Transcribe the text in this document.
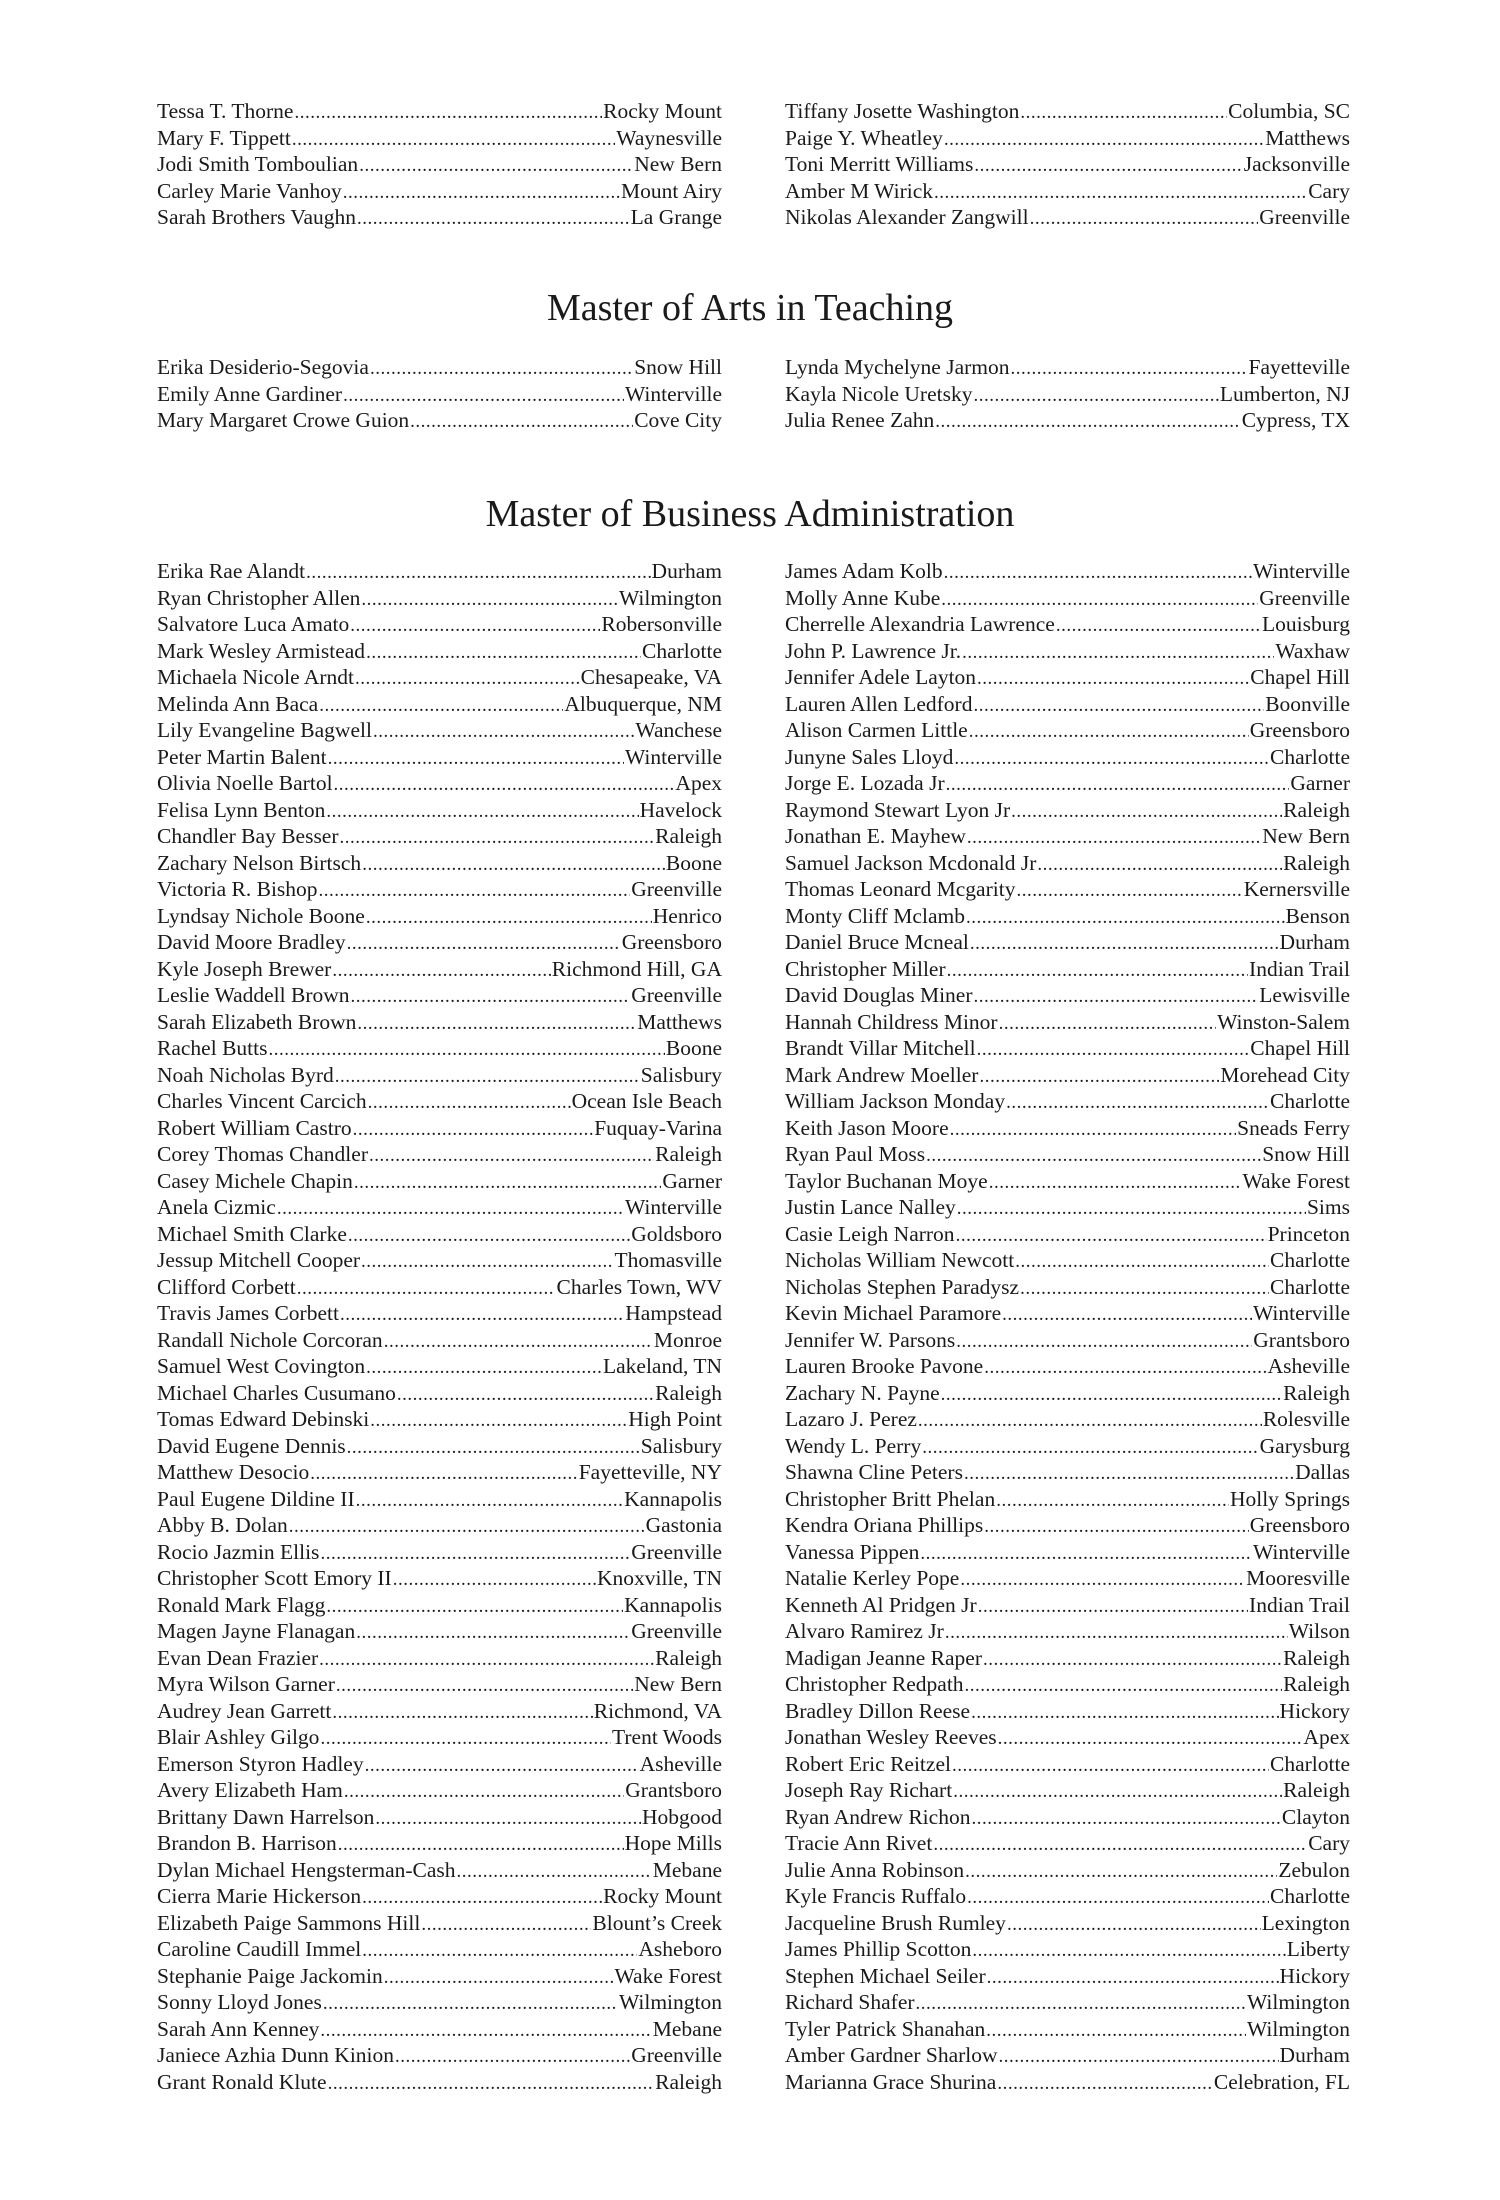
Tessa T. Thorne .....	Rocky Mount
Mary F. Tippett .....	Waynesville
Jodi Smith Tomboulian .....	New Bern
Carley Marie Vanhoy .....	Mount Airy
Sarah Brothers Vaughn .....	La Grange
Tiffany Josette Washington .....	Columbia, SC
Paige Y. Wheatley .....	Matthews
Toni Merritt Williams .....	Jacksonville
Amber M Wirick .....	Cary
Nikolas Alexander Zangwill .....	Greenville
Master of Arts in Teaching
Erika Desiderio-Segovia .....	Snow Hill
Emily Anne Gardiner .....	Winterville
Mary Margaret Crowe Guion .....	Cove City
Lynda Mychelyne Jarmon .....	Fayetteville
Kayla Nicole Uretsky .....	Lumberton, NJ
Julia Renee Zahn .....	Cypress, TX
Master of Business Administration
Erika Rae Alandt .....	Durham
Ryan Christopher Allen .....	Wilmington
Salvatore Luca Amato .....	Robersonville
Mark Wesley Armistead .....	Charlotte
Michaela Nicole Arndt .....	Chesapeake, VA
Melinda Ann Baca .....	Albuquerque, NM
Lily Evangeline Bagwell .....	Wanchese
Peter Martin Balent .....	Winterville
Olivia Noelle Bartol .....	Apex
Felisa Lynn Benton .....	Havelock
Chandler Bay Besser .....	Raleigh
Zachary Nelson Birtsch .....	Boone
Victoria R. Bishop .....	Greenville
Lyndsay Nichole Boone .....	Henrico
David Moore Bradley .....	Greensboro
Kyle Joseph Brewer .....	Richmond Hill, GA
Leslie Waddell Brown .....	Greenville
Sarah Elizabeth Brown .....	Matthews
Rachel Butts .....	Boone
Noah Nicholas Byrd .....	Salisbury
Charles Vincent Carcich .....	Ocean Isle Beach
Robert William Castro .....	Fuquay-Varina
Corey Thomas Chandler .....	Raleigh
Casey Michele Chapin .....	Garner
Anela Cizmic .....	Winterville
Michael Smith Clarke .....	Goldsboro
Jessup Mitchell Cooper .....	Thomasville
Clifford Corbett .....	Charles Town, WV
Travis James Corbett .....	Hampstead
Randall Nichole Corcoran .....	Monroe
Samuel West Covington .....	Lakeland, TN
Michael Charles Cusumano .....	Raleigh
Tomas Edward Debinski .....	High Point
David Eugene Dennis .....	Salisbury
Matthew Desocio .....	Fayetteville, NY
Paul Eugene Dildine II .....	Kannapolis
Abby B. Dolan .....	Gastonia
Rocio Jazmin Ellis .....	Greenville
Christopher Scott Emory II .....	Knoxville, TN
Ronald Mark Flagg .....	Kannapolis
Magen Jayne Flanagan .....	Greenville
Evan Dean Frazier .....	Raleigh
Myra Wilson Garner .....	New Bern
Audrey Jean Garrett .....	Richmond, VA
Blair Ashley Gilgo .....	Trent Woods
Emerson Styron Hadley .....	Asheville
Avery Elizabeth Ham .....	Grantsboro
Brittany Dawn Harrelson .....	Hobgood
Brandon B. Harrison .....	Hope Mills
Dylan Michael Hengsterman-Cash .....	Mebane
Cierra Marie Hickerson .....	Rocky Mount
Elizabeth Paige Sammons Hill .....	Blount’s Creek
Caroline Caudill Immel .....	Asheboro
Stephanie Paige Jackomin .....	Wake Forest
Sonny Lloyd Jones .....	Wilmington
Sarah Ann Kenney .....	Mebane
Janiece Azhia Dunn Kinion .....	Greenville
Grant Ronald Klute .....	Raleigh
James Adam Kolb .....	Winterville
Molly Anne Kube .....	Greenville
Cherrelle Alexandria Lawrence .....	Louisburg
John P. Lawrence Jr. .....	Waxhaw
Jennifer Adele Layton .....	Chapel Hill
Lauren Allen Ledford .....	Boonville
Alison Carmen Little .....	Greensboro
Junyne Sales Lloyd .....	Charlotte
Jorge E. Lozada Jr .....	Garner
Raymond Stewart Lyon Jr .....	Raleigh
Jonathan E. Mayhew .....	New Bern
Samuel Jackson Mcdonald Jr .....	Raleigh
Thomas Leonard Mcgarity .....	Kernersville
Monty Cliff Mclamb .....	Benson
Daniel Bruce Mcneal .....	Durham
Christopher Miller .....	Indian Trail
David Douglas Miner .....	Lewisville
Hannah Childress Minor .....	Winston-Salem
Brandt Villar Mitchell .....	Chapel Hill
Mark Andrew Moeller .....	Morehead City
William Jackson Monday .....	Charlotte
Keith Jason Moore .....	Sneads Ferry
Ryan Paul Moss .....	Snow Hill
Taylor Buchanan Moye .....	Wake Forest
Justin Lance Nalley .....	Sims
Casie Leigh Narron .....	Princeton
Nicholas William Newcott .....	Charlotte
Nicholas Stephen Paradysz .....	Charlotte
Kevin Michael Paramore .....	Winterville
Jennifer W. Parsons .....	Grantsboro
Lauren Brooke Pavone .....	Asheville
Zachary N. Payne .....	Raleigh
Lazaro J. Perez .....	Rolesville
Wendy L. Perry .....	Garysburg
Shawna Cline Peters .....	Dallas
Christopher Britt Phelan .....	Holly Springs
Kendra Oriana Phillips .....	Greensboro
Vanessa Pippen .....	Winterville
Natalie Kerley Pope .....	Mooresville
Kenneth Al Pridgen Jr .....	Indian Trail
Alvaro Ramirez Jr .....	Wilson
Madigan Jeanne Raper .....	Raleigh
Christopher Redpath .....	Raleigh
Bradley Dillon Reese .....	Hickory
Jonathan Wesley Reeves .....	Apex
Robert Eric Reitzel .....	Charlotte
Joseph Ray Richart .....	Raleigh
Ryan Andrew Richon .....	Clayton
Tracie Ann Rivet .....	Cary
Julie Anna Robinson .....	Zebulon
Kyle Francis Ruffalo .....	Charlotte
Jacqueline Brush Rumley .....	Lexington
James Phillip Scotton .....	Liberty
Stephen Michael Seiler .....	Hickory
Richard Shafer .....	Wilmington
Tyler Patrick Shanahan .....	Wilmington
Amber Gardner Sharlow .....	Durham
Marianna Grace Shurina .....	Celebration, FL
